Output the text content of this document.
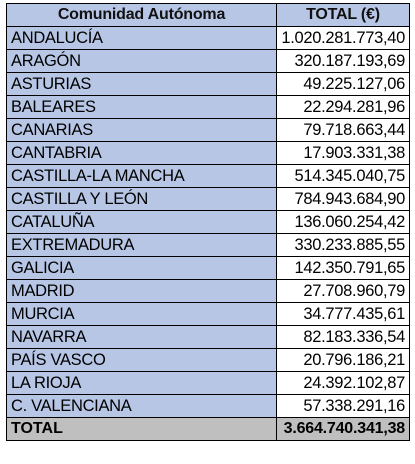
Comunidad Autónoma	TOTAL (€)
ANDALUCÍA	1.020.281.773,40
ARAGÓN	320.187.193,69
ASTURIAS	49.225.127,06
BALEARES	22.294.281,96
CANARIAS	79.718.663,44
CANTABRIA	17.903.331,38
CASTILLA-LA MANCHA	514.345.040,75
CASTILLA Y LEÓN	784.943.684,90
CATALUÑA	136.060.254,42
EXTREMADURA	330.233.885,55
GALICIA	142.350.791,65
MADRID	27.708.960,79
MURCIA	34.777.435,61
NAVARRA	82.183.336,54
PAÍS VASCO	20.796.186,21
LA RIOJA	24.392.102,87
C. VALENCIANA	57.338.291,16
TOTAL	3.664.740.341,38
